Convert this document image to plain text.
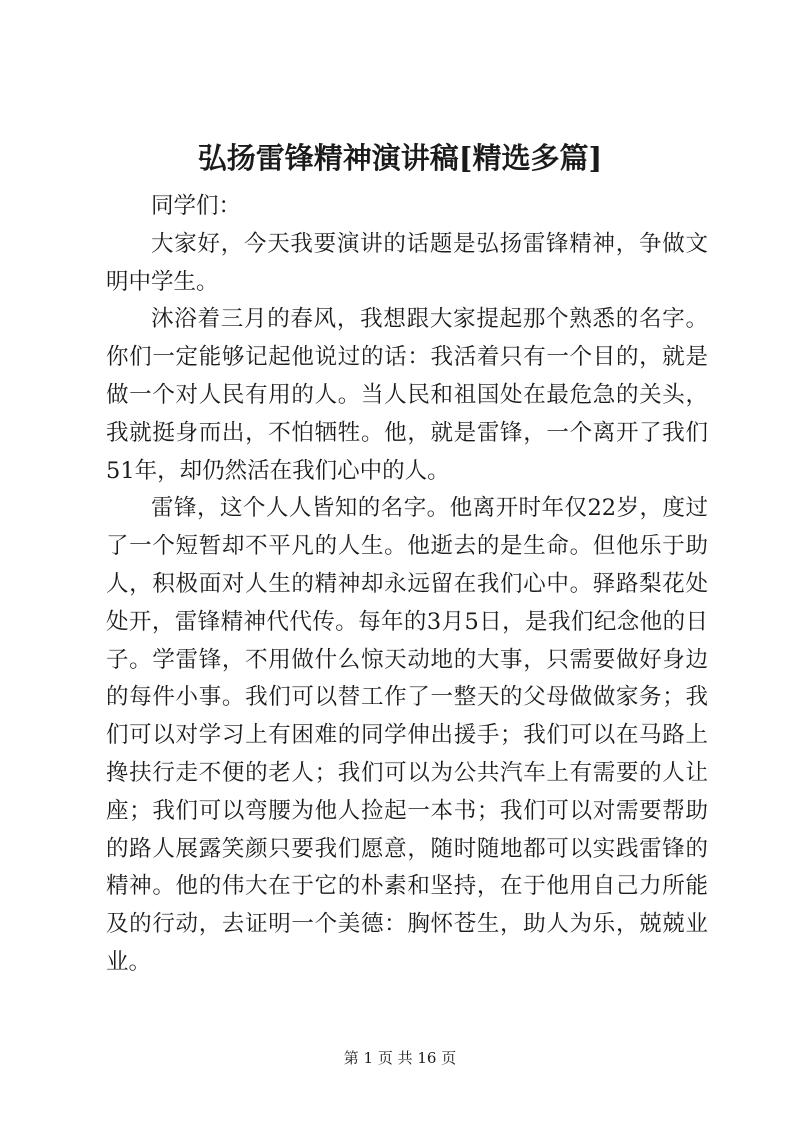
弘扬雷锋精神演讲稿[精选多篇]

同学们：

大家好，今天我要演讲的话题是弘扬雷锋精神，争做文明中学生。

沐浴着三月的春风，我想跟大家提起那个熟悉的名字。你们一定能够记起他说过的话：我活着只有一个目的，就是做一个对人民有用的人。当人民和祖国处在最危急的关头，我就挺身而出，不怕牺牲。他，就是雷锋，一个离开了我们51年，却仍然活在我们心中的人。

雷锋，这个人人皆知的名字。他离开时年仅22岁，度过了一个短暂却不平凡的人生。他逝去的是生命。但他乐于助人，积极面对人生的精神却永远留在我们心中。驿路梨花处处开，雷锋精神代代传。每年的3月5日，是我们纪念他的日子。学雷锋，不用做什么惊天动地的大事，只需要做好身边的每件小事。我们可以替工作了一整天的父母做做家务；我们可以对学习上有困难的同学伸出援手；我们可以在马路上搀扶行走不便的老人；我们可以为公共汽车上有需要的人让座；我们可以弯腰为他人捡起一本书；我们可以对需要帮助的路人展露笑颜只要我们愿意，随时随地都可以实践雷锋的精神。他的伟大在于它的朴素和坚持，在于他用自己力所能及的行动，去证明一个美德：胸怀苍生，助人为乐，兢兢业业。

第 1 页 共 16 页
